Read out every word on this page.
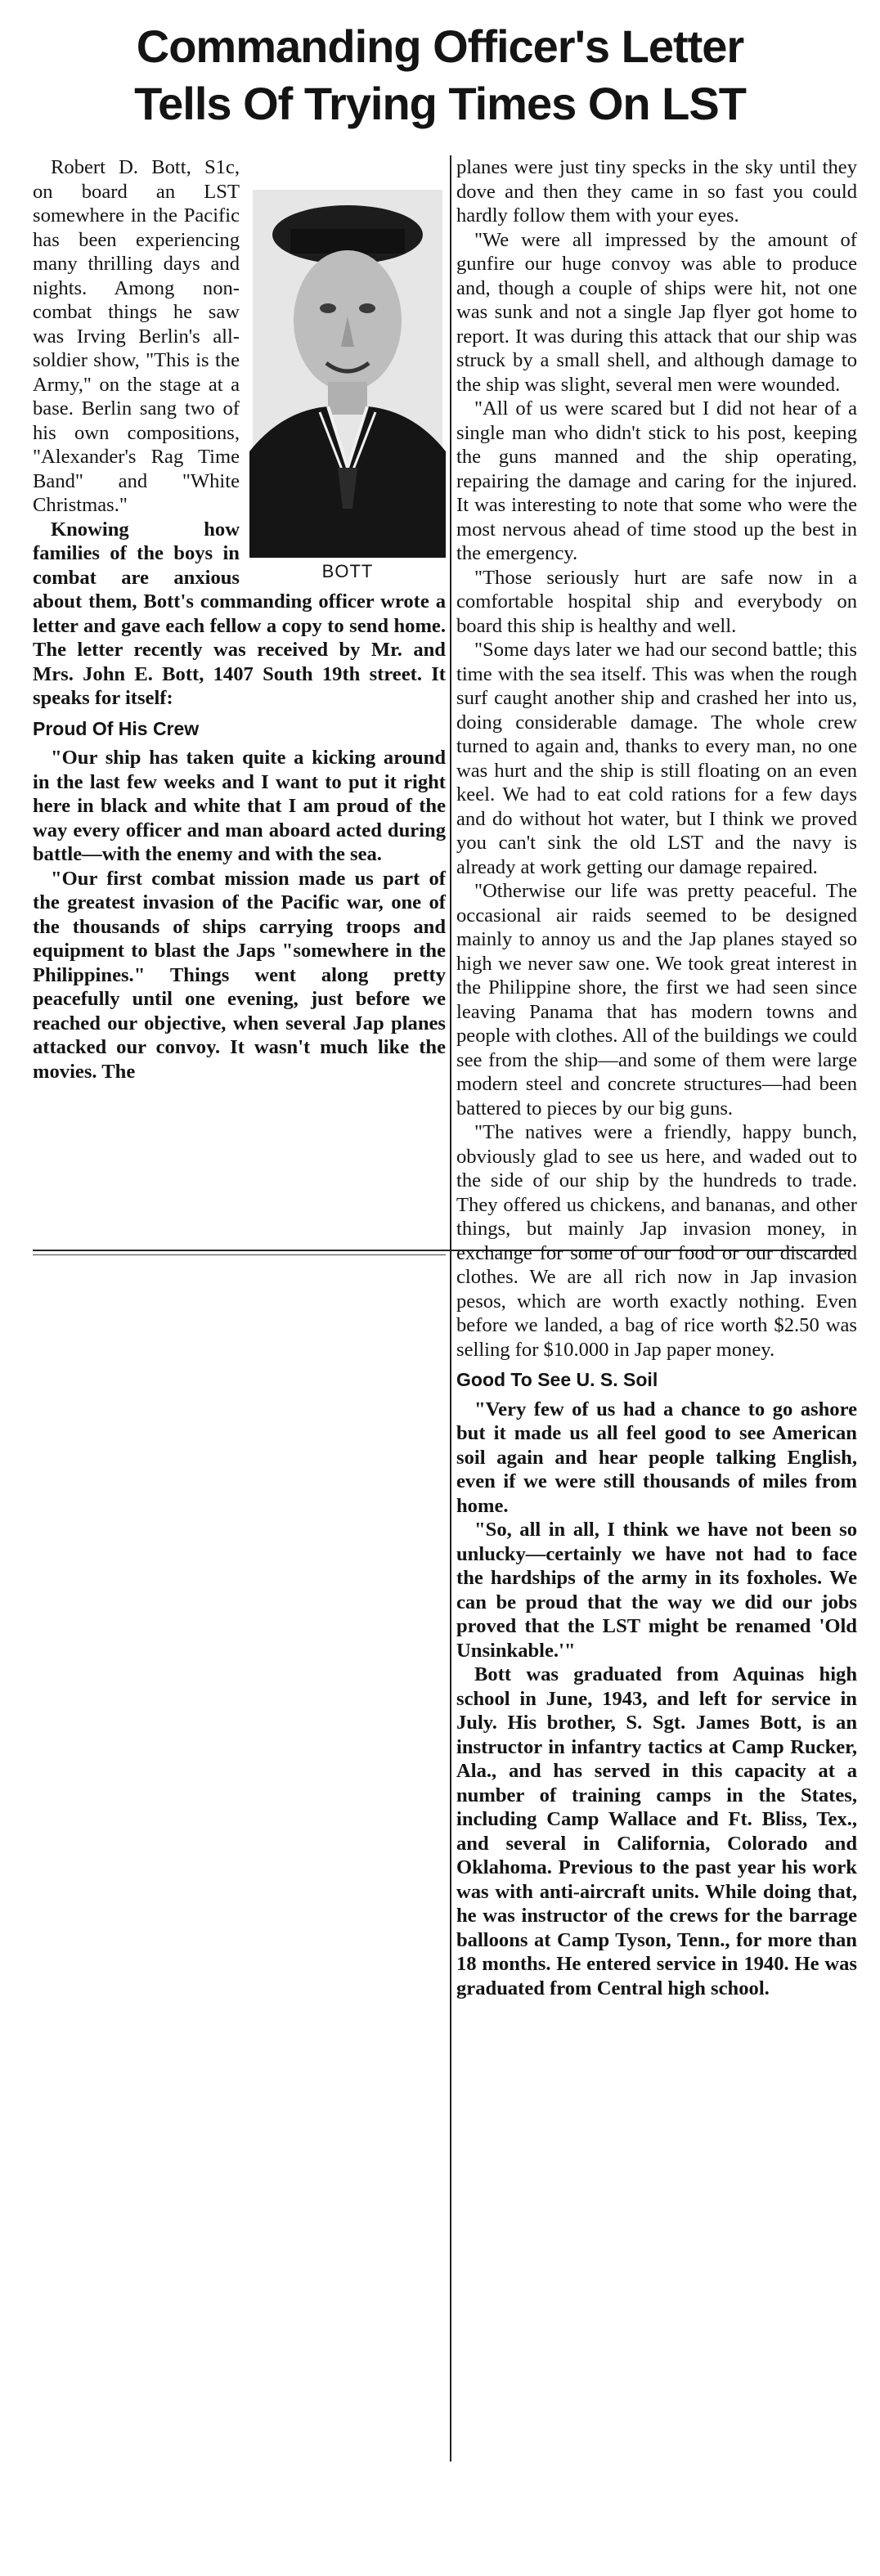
Commanding Officer's Letter
Tells Of Trying Times On LST
BOTT

Robert D. Bott, S1c, on board an LST somewhere in the Pacific has been experiencing many thrilling days and nights. Among non-combat things he saw was Irving Berlin's all-soldier show, "This is the Army," on the stage at a base. Berlin sang two of his own compositions, "Alexander's Rag Time Band" and "White Christmas."

Knowing how families of the boys in combat are anxious about them, Bott's commanding officer wrote a letter and gave each fellow a copy to send home. The letter recently was received by Mr. and Mrs. John E. Bott, 1407 South 19th street. It speaks for itself:

Proud Of His Crew

"Our ship has taken quite a kicking around in the last few weeks and I want to put it right here in black and white that I am proud of the way every officer and man aboard acted during battle—with the enemy and with the sea.

"Our first combat mission made us part of the greatest invasion of the Pacific war, one of the thousands of ships carrying troops and equipment to blast the Japs "somewhere in the Philippines." Things went along pretty peacefully until one evening, just before we reached our objective, when several Jap planes attacked our convoy. It wasn't much like the movies. The

planes were just tiny specks in the sky until they dove and then they came in so fast you could hardly follow them with your eyes.

"We were all impressed by the amount of gunfire our huge convoy was able to produce and, though a couple of ships were hit, not one was sunk and not a single Jap flyer got home to report. It was during this attack that our ship was struck by a small shell, and although damage to the ship was slight, several men were wounded.

"All of us were scared but I did not hear of a single man who didn't stick to his post, keeping the guns manned and the ship operating, repairing the damage and caring for the injured. It was interesting to note that some who were the most nervous ahead of time stood up the best in the emergency.

"Those seriously hurt are safe now in a comfortable hospital ship and everybody on board this ship is healthy and well.

"Some days later we had our second battle; this time with the sea itself. This was when the rough surf caught another ship and crashed her into us, doing considerable damage. The whole crew turned to again and, thanks to every man, no one was hurt and the ship is still floating on an even keel. We had to eat cold rations for a few days and do without hot water, but I think we proved you can't sink the old LST and the navy is already at work getting our damage repaired.

"Otherwise our life was pretty peaceful. The occasional air raids seemed to be designed mainly to annoy us and the Jap planes stayed so high we never saw one. We took great interest in the Philippine shore, the first we had seen since leaving Panama that has modern towns and people with clothes. All of the buildings we could see from the ship—and some of them were large modern steel and concrete structures—had been battered to pieces by our big guns.

"The natives were a friendly, happy bunch, obviously glad to see us here, and waded out to the side of our ship by the hundreds to trade. They offered us chickens, and bananas, and other things, but mainly Jap invasion money, in exchange for some of our food or our discarded clothes. We are all rich now in Jap invasion pesos, which are worth exactly nothing. Even before we landed, a bag of rice worth $2.50 was selling for $10.000 in Jap paper money.

Good To See U. S. Soil

"Very few of us had a chance to go ashore but it made us all feel good to see American soil again and hear people talking English, even if we were still thousands of miles from home.

"So, all in all, I think we have not been so unlucky—certainly we have not had to face the hardships of the army in its foxholes. We can be proud that the way we did our jobs proved that the LST might be renamed 'Old Unsinkable.'"

Bott was graduated from Aquinas high school in June, 1943, and left for service in July. His brother, S. Sgt. James Bott, is an instructor in infantry tactics at Camp Rucker, Ala., and has served in this capacity at a number of training camps in the States, including Camp Wallace and Ft. Bliss, Tex., and several in California, Colorado and Oklahoma. Previous to the past year his work was with anti-aircraft units. While doing that, he was instructor of the crews for the barrage balloons at Camp Tyson, Tenn., for more than 18 months. He entered service in 1940. He was graduated from Central high school.
